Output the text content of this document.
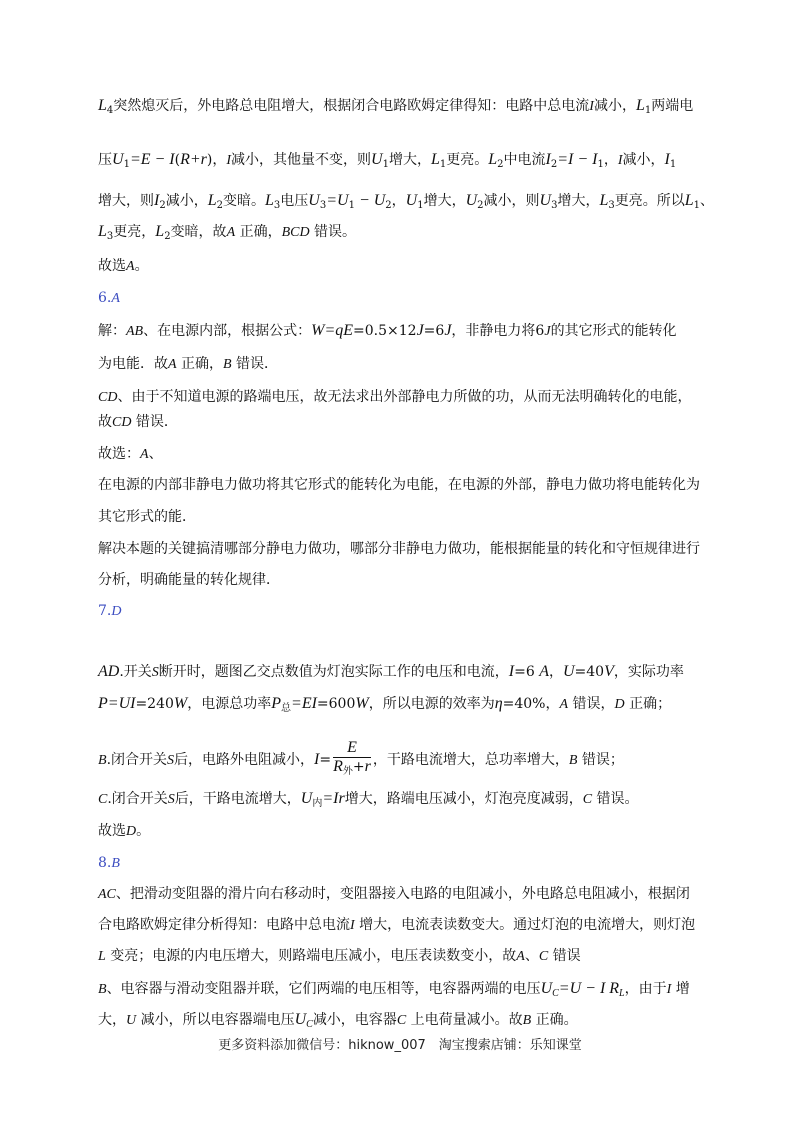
$L_4$突然熄灭后，外电路总电阻增大，根据闭合电路欧姆定律得知：电路中总电流I减小，$L_1$两端电
压$U_1=E - I(R+r)$，I减小，其他量不变，则$U_1$增大，$L_1$更亮。$L_2$中电流$I_2=I - I_1$，I减小，$I_1$
增大，则$I_2$减小，$L_2$变暗。$L_3$电压$U_3=U_1 - U_2$，$U_1$增大，$U_2$减小，则$U_3$增大，$L_3$更亮。所以$L_1$、
$L_3$更亮，$L_2$变暗，故A 正确，BCD 错误。
故选A。
6.A
解：AB、在电源内部，根据公式：W=qE=0.5×12J=6J，非静电力将6J的其它形式的能转化
为电能．故A 正确，B 错误．
CD、由于不知道电源的路端电压，故无法求出外部静电力所做的功，从而无法明确转化的电能，
故CD 错误．
故选：A、
在电源的内部非静电力做功将其它形式的能转化为电能，在电源的外部，静电力做功将电能转化为
其它形式的能．
解决本题的关键搞清哪部分静电力做功，哪部分非静电力做功，能根据能量的转化和守恒规律进行
分析，明确能量的转化规律．
7.D
AD.开关S断开时，题图乙交点数值为灯泡实际工作的电压和电流，I=6 A，U=40V，实际功率
P=UI=240W，电源总功率$P_总=EI=600W$，所以电源的效率为η=40%，A 错误，D 正确；
B.闭合开关S后，电路外电阻减小，$I= \frac{E}{R_外+r}$ ，干路电流增大，总功率增大，B 错误；
C.闭合开关S后，干路电流增大，$U_内=Ir$增大，路端电压减小，灯泡亮度减弱，C 错误。
故选D。
8.B
AC、把滑动变阻器的滑片向右移动时，变阻器接入电路的电阻减小，外电路总电阻减小，根据闭
合电路欧姆定律分析得知：电路中总电流I 增大，电流表读数变大。通过灯泡的电流增大，则灯泡
L 变亮；电源的内电压增大，则路端电压减小，电压表读数变小，故A、C 错误
B、电容器与滑动变阻器并联，它们两端的电压相等，电容器两端的电压$U_C=U - I$ $R_L$，由于I 增
大，U 减小，所以电容器端电压$U_C$减小，电容器C 上电荷量减小。故B 正确。
更多资料添加微信号：hiknow_007　淘宝搜索店铺：乐知课堂
